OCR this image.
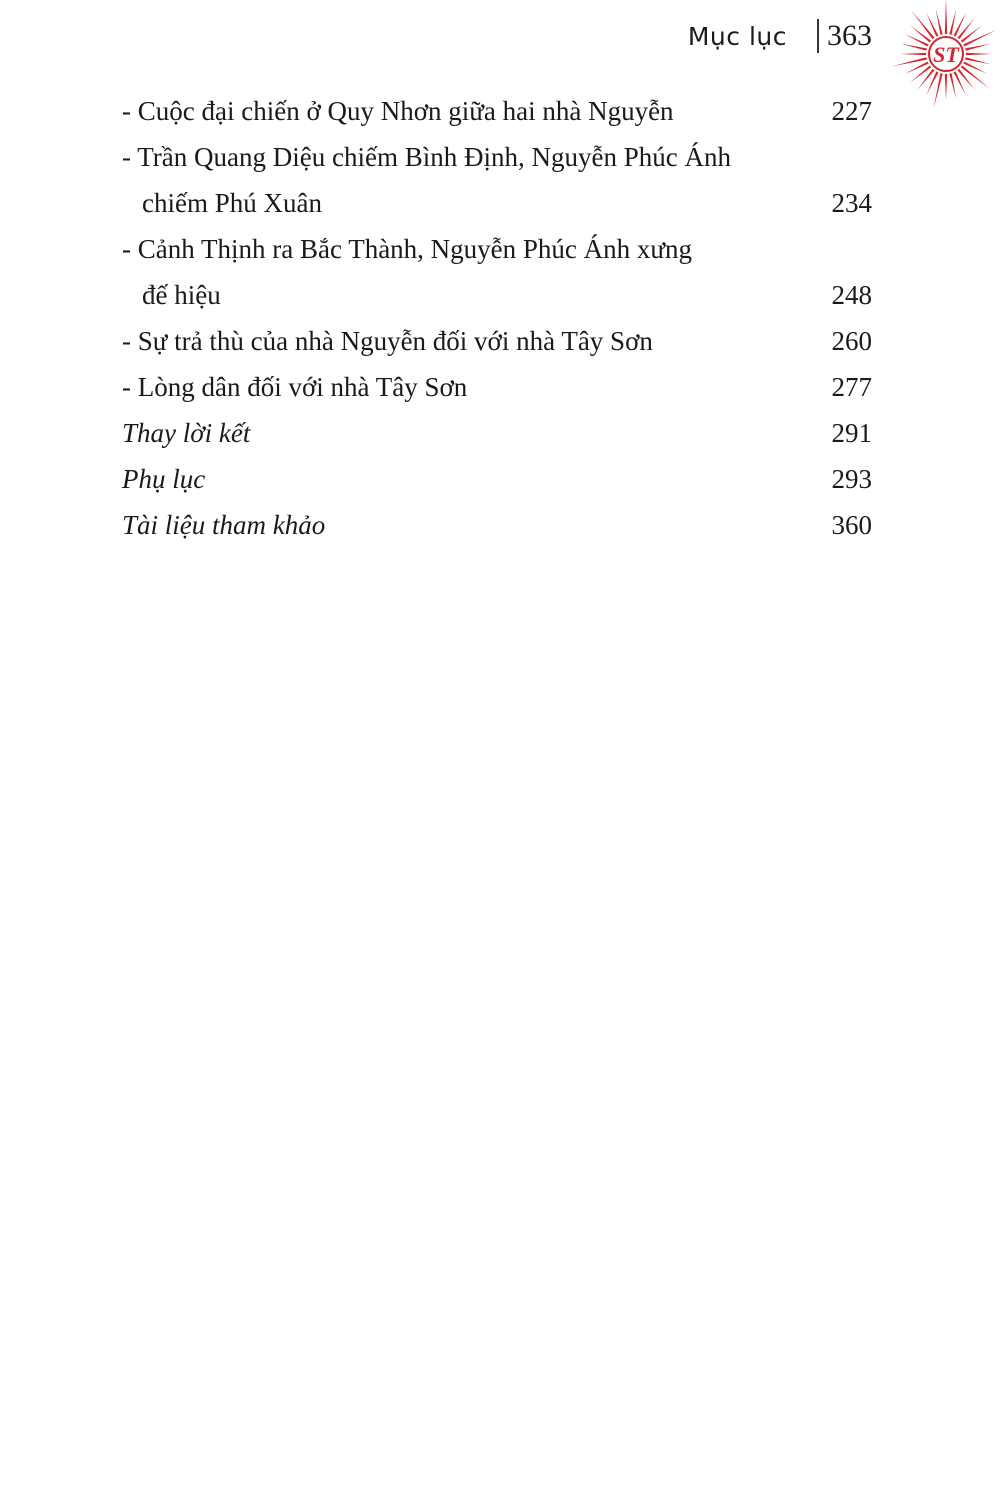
Mục lục 363
ST
- Cuộc đại chiến ở Quy Nhơn giữa hai nhà Nguyễn	227
- Trần Quang Diệu chiếm Bình Định, Nguyễn Phúc Ánh
chiếm Phú Xuân	234
- Cảnh Thịnh ra Bắc Thành, Nguyễn Phúc Ánh xưng
đế hiệu	248
- Sự trả thù của nhà Nguyễn đối với nhà Tây Sơn	260
- Lòng dân đối với nhà Tây Sơn	277
Thay lời kết	291
Phụ lục	293
Tài liệu tham khảo	360
